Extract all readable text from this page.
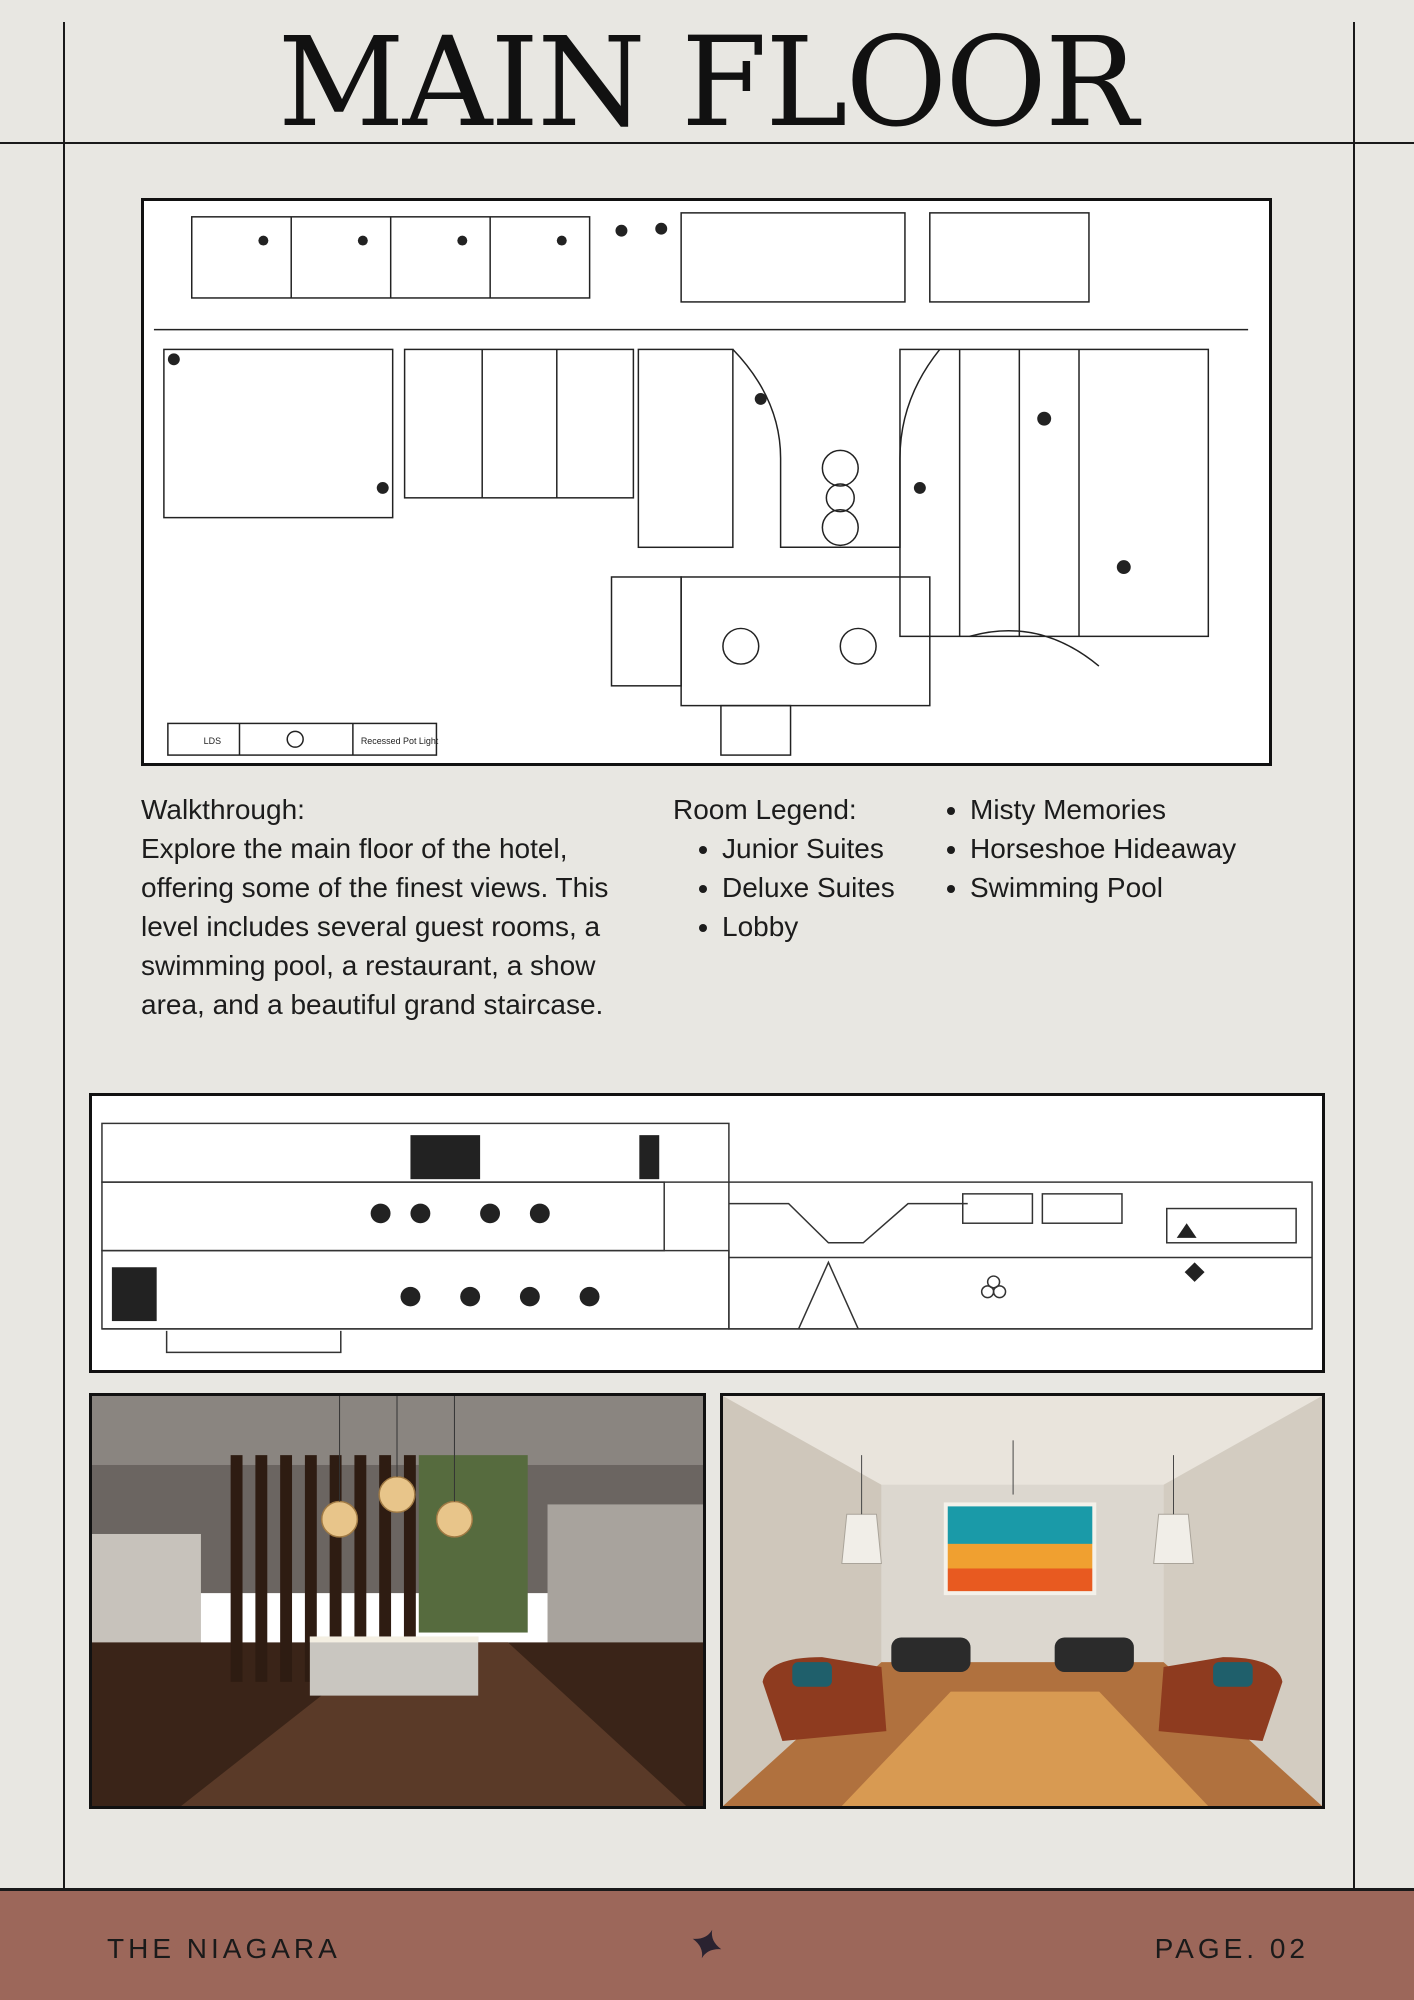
MAIN FLOOR
LDS	Recessed Pot Light
Walkthrough:
Explore the main floor of the hotel, offering some of the finest views. This level includes several guest rooms, a swimming pool, a restaurant, a show area, and a beautiful grand staircase.
Room Legend:
• Junior Suites
• Deluxe Suites
• Lobby
• Misty Memories
• Horseshoe Hideaway
• Swimming Pool
THE NIAGARA	PAGE. 02
